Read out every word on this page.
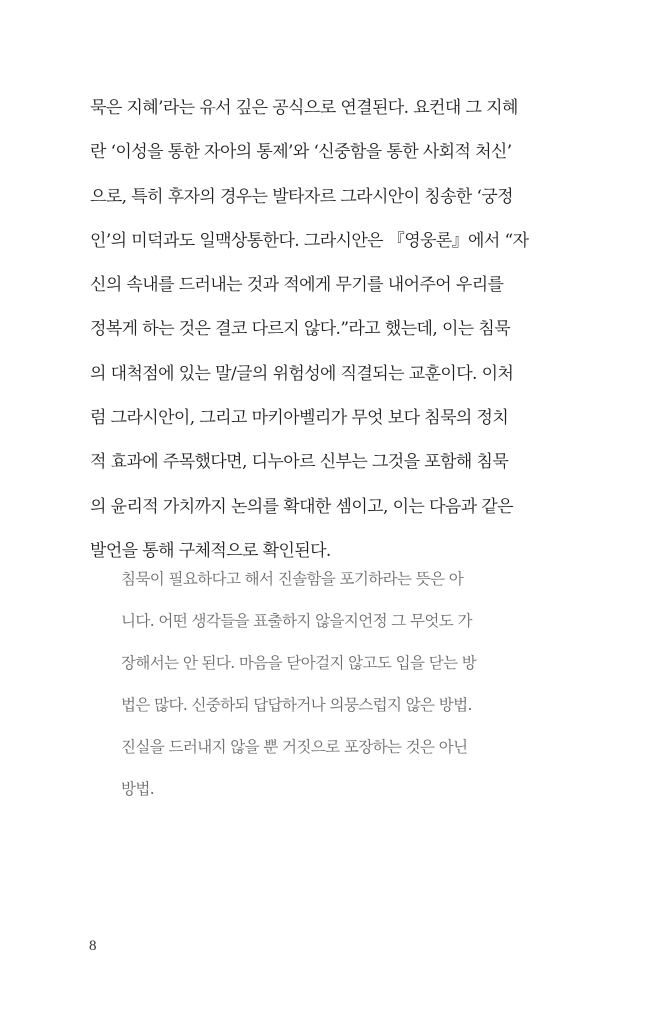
묵은 지혜’라는 유서 깊은 공식으로 연결된다. 요컨대 그 지혜
란 ‘이성을 통한 자아의 통제’와 ‘신중함을 통한 사회적 처신’
으로, 특히 후자의 경우는 발타자르 그라시안이 칭송한 ‘궁정
인’의 미덕과도 일맥상통한다. 그라시안은 『영웅론』에서 “자
신의 속내를 드러내는 것과 적에게 무기를 내어주어 우리를
정복게 하는 것은 결코 다르지 않다.”라고 했는데, 이는 침묵
의 대척점에 있는 말/글의 위험성에 직결되는 교훈이다. 이처
럼 그라시안이, 그리고 마키아벨리가 무엇 보다 침묵의 정치
적 효과에 주목했다면, 디누아르 신부는 그것을 포함해 침묵
의 윤리적 가치까지 논의를 확대한 셈이고, 이는 다음과 같은
발언을 통해 구체적으로 확인된다.
침묵이 필요하다고 해서 진솔함을 포기하라는 뜻은 아
니다. 어떤 생각들을 표출하지 않을지언정 그 무엇도 가
장해서는 안 된다. 마음을 닫아걸지 않고도 입을 닫는 방
법은 많다. 신중하되 답답하거나 의뭉스럽지 않은 방법.
진실을 드러내지 않을 뿐 거짓으로 포장하는 것은 아닌
방법.
8
